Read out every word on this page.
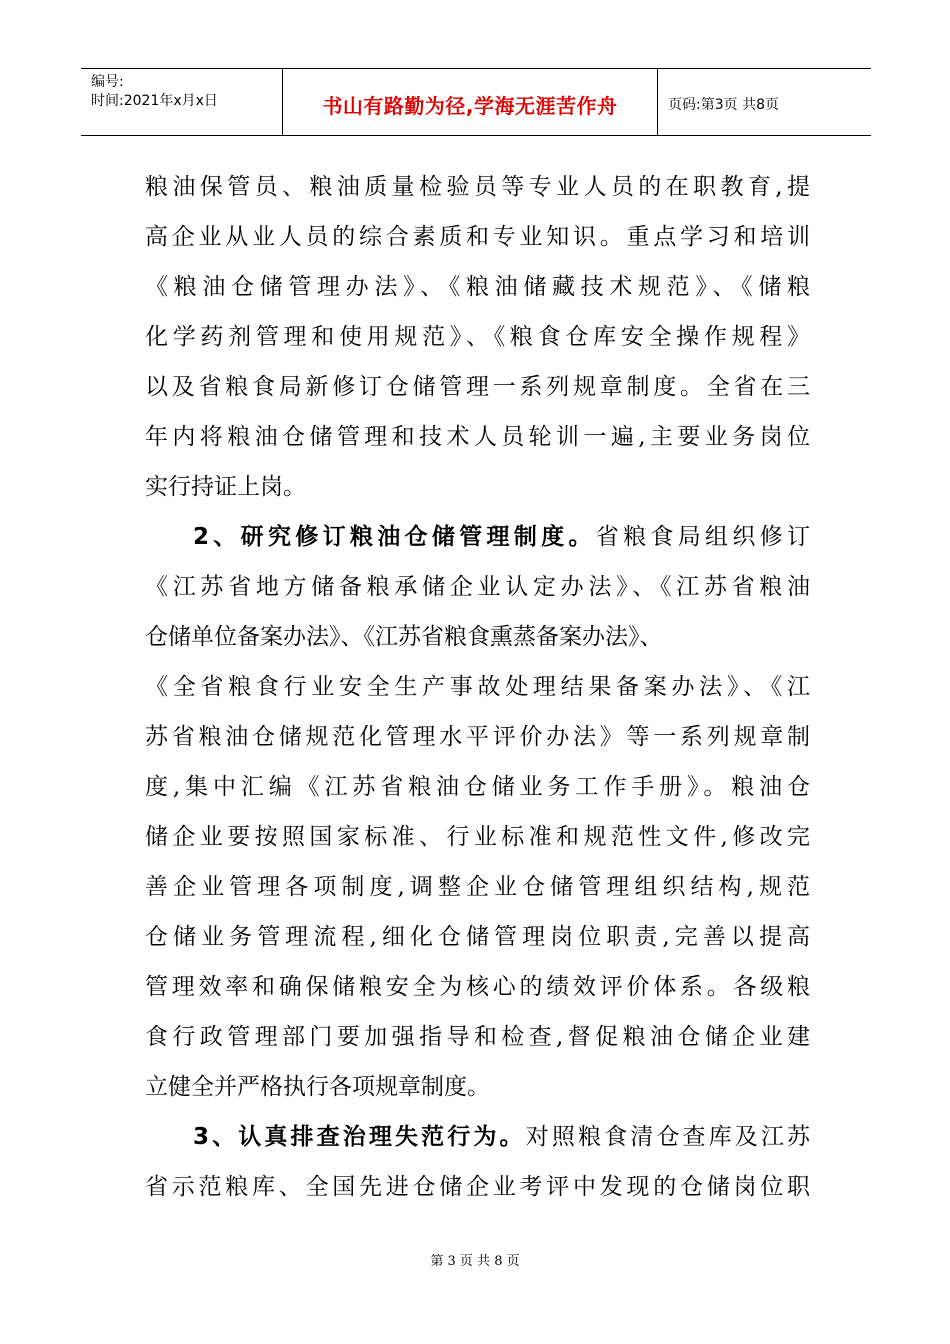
编号:
时间:2021年x月x日	书山有路勤为径,学海无涯苦作舟	页码:第3页 共8页
粮油保管员、粮油质量检验员等专业人员的在职教育,提
高企业从业人员的综合素质和专业知识。重点学习和培训
《粮油仓储管理办法》、《粮油储藏技术规范》、《储粮
化学药剂管理和使用规范》、《粮食仓库安全操作规程》
以及省粮食局新修订仓储管理一系列规章制度。全省在三
年内将粮油仓储管理和技术人员轮训一遍,主要业务岗位
实行持证上岗。
2、研究修订粮油仓储管理制度。省粮食局组织修订
《江苏省地方储备粮承储企业认定办法》、《江苏省粮油
仓储单位备案办法》、《江苏省粮食熏蒸备案办法》、
《全省粮食行业安全生产事故处理结果备案办法》、《江
苏省粮油仓储规范化管理水平评价办法》等一系列规章制
度,集中汇编《江苏省粮油仓储业务工作手册》。粮油仓
储企业要按照国家标准、行业标准和规范性文件,修改完
善企业管理各项制度,调整企业仓储管理组织结构,规范
仓储业务管理流程,细化仓储管理岗位职责,完善以提高
管理效率和确保储粮安全为核心的绩效评价体系。各级粮
食行政管理部门要加强指导和检查,督促粮油仓储企业建
立健全并严格执行各项规章制度。
3、认真排查治理失范行为。对照粮食清仓查库及江苏
省示范粮库、全国先进仓储企业考评中发现的仓储岗位职
第 3 页 共 8 页
